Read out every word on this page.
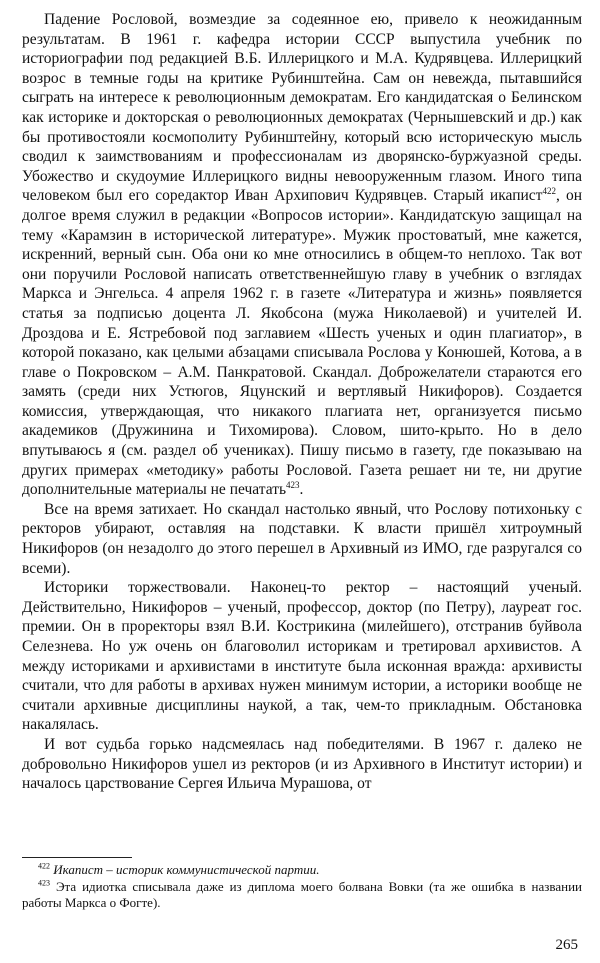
Падение Рословой, возмездие за содеянное ею, привело к неожиданным результатам. В 1961 г. кафедра истории СССР выпустила учебник по историографии под редакцией В.Б. Иллерицкого и М.А. Кудрявцева. Иллерицкий возрос в темные годы на критике Рубинштейна. Сам он невежда, пытавшийся сыграть на интересе к революционным демократам. Его кандидатская о Белинском как историке и докторская о революционных демократах (Чернышевский и др.) как бы противостояли космополиту Рубинштейну, который всю историческую мысль сводил к заимствованиям и профессионалам из дворянско-буржуазной среды. Убожество и скудоумие Иллерицкого видны невооруженным глазом. Иного типа человеком был его соредактор Иван Архипович Кудрявцев. Старый икапист$^{422}$, он долгое время служил в редакции «Вопросов истории». Кандидатскую защищал на тему «Карамзин в исторической литературе». Мужик простоватый, мне кажется, искренний, верный сын. Оба они ко мне относились в общем-то неплохо. Так вот они поручили Рословой написать ответственнейшую главу в учебник о взглядах Маркса и Энгельса. 4 апреля 1962 г. в газете «Литература и жизнь» появляется статья за подписью доцента Л. Якобсона (мужа Николаевой) и учителей И. Дроздова и Е. Ястребовой под заглавием «Шесть ученых и один плагиатор», в которой показано, как целыми абзацами списывала Рослова у Конюшей, Котова, а в главе о Покровском – А.М. Панкратовой. Скандал. Доброжелатели стараются его замять (среди них Устюгов, Яцунский и вертлявый Никифоров). Создается комиссия, утверждающая, что никакого плагиата нет, организуется письмо академиков (Дружинина и Тихомирова). Словом, шито-крыто. Но в дело впутываюсь я (см. раздел об учениках). Пишу письмо в газету, где показываю на других примерах «методику» работы Рословой. Газета решает ни те, ни другие дополнительные материалы не печатать$^{423}$.

Все на время затихает. Но скандал настолько явный, что Рослову потихоньку с ректоров убирают, оставляя на подставки. К власти пришёл хитроумный Никифоров (он незадолго до этого перешел в Архивный из ИМО, где разругался со всеми).

Историки торжествовали. Наконец-то ректор – настоящий ученый. Действительно, Никифоров – ученый, профессор, доктор (по Петру), лауреат гос. премии. Он в проректоры взял В.И. Кострикина (милейшего), отстранив буйвола Селезнева. Но уж очень он благоволил историкам и третировал архивистов. А между историками и архивистами в институте была исконная вражда: архивисты считали, что для работы в архивах нужен минимум истории, а историки вообще не считали архивные дисциплины наукой, а так, чем-то прикладным. Обстановка накалялась.

И вот судьба горько надсмеялась над победителями. В 1967 г. далеко не добровольно Никифоров ушел из ректоров (и из Архивного в Институт истории) и началось царствование Сергея Ильича Мурашова, от

$^{422}$ Икапист – историк коммунистической партии.

$^{423}$ Эта идиотка списывала даже из диплома моего болвана Вовки (та же ошибка в названии работы Маркса о Фогте).

265
